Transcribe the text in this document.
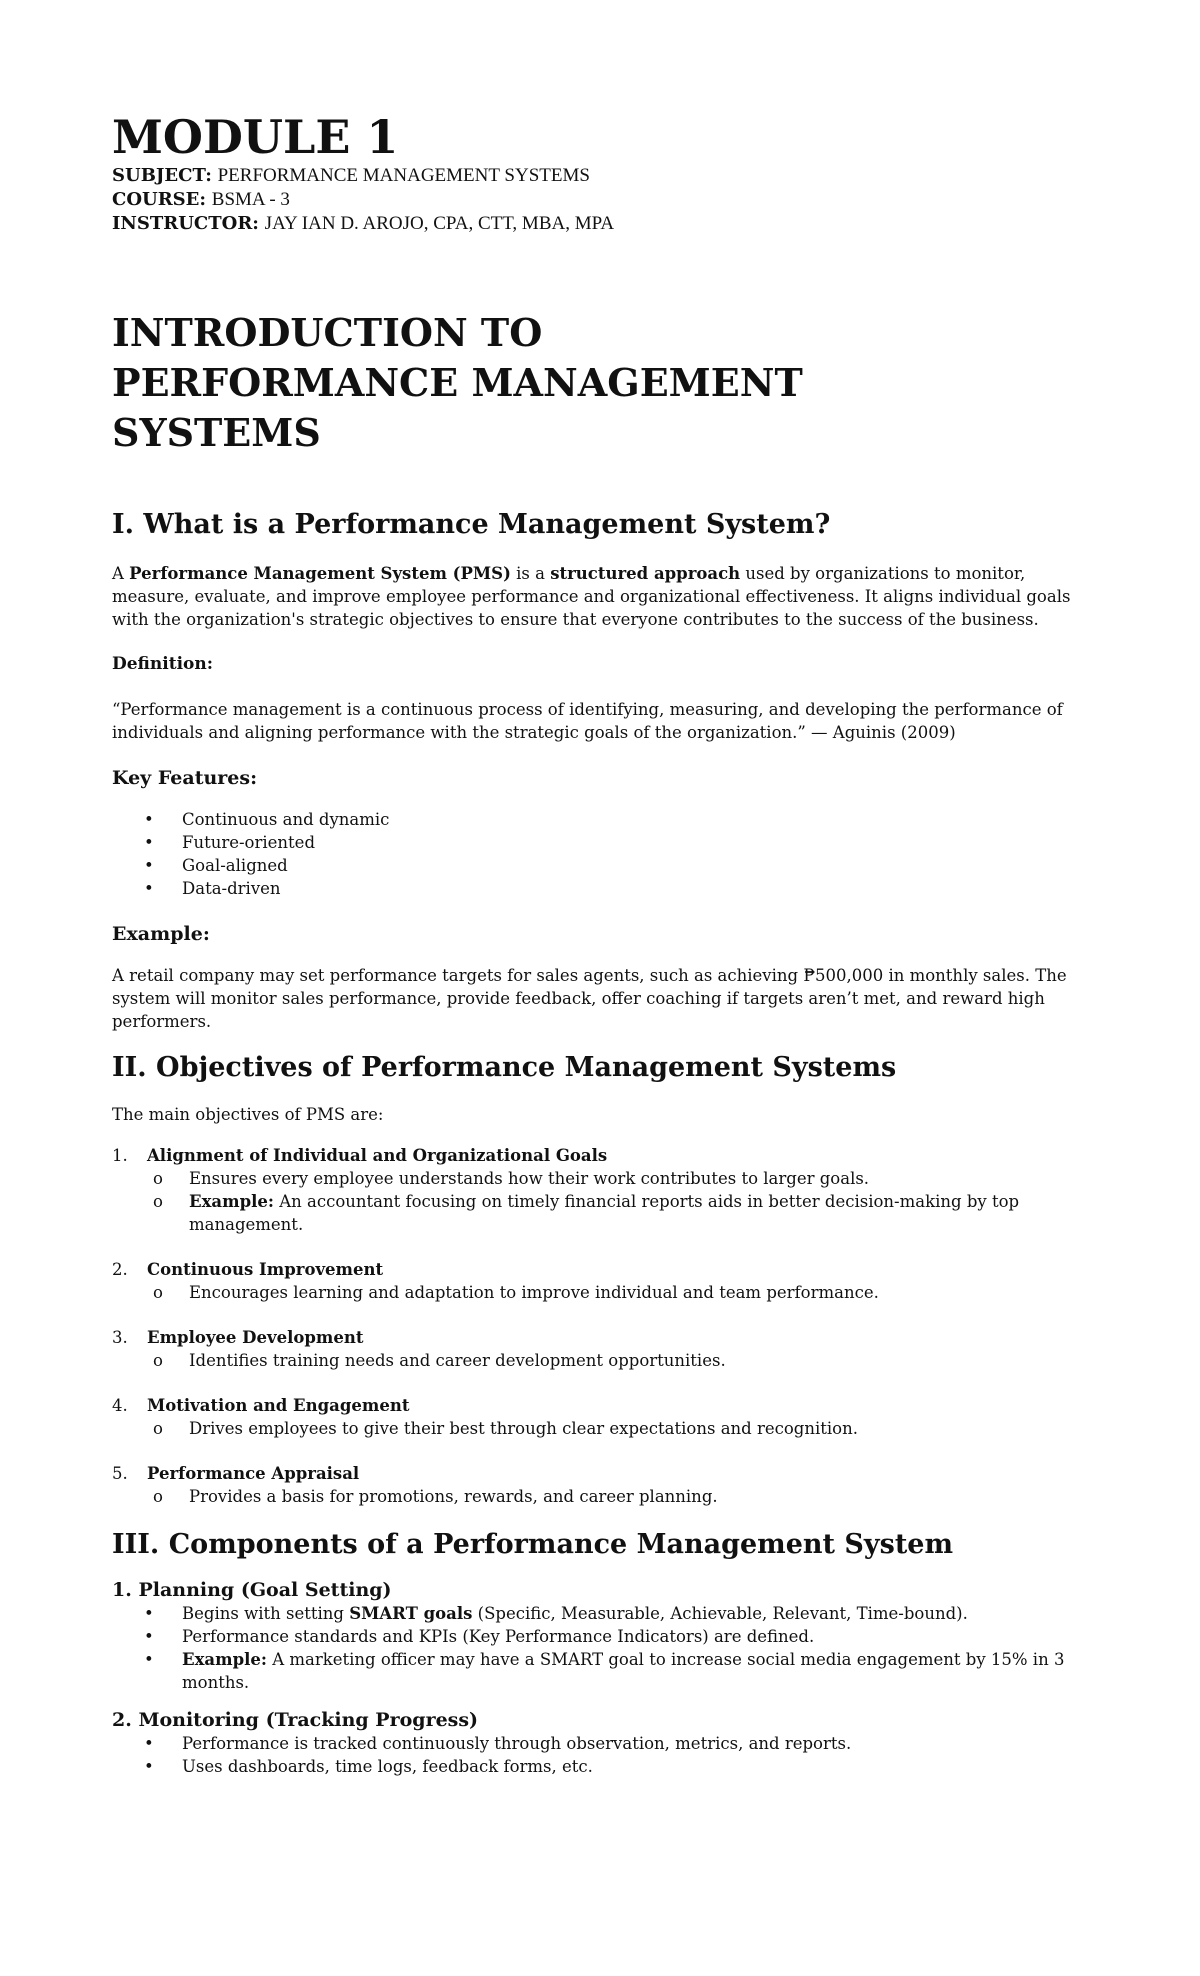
MODULE 1

SUBJECT: PERFORMANCE MANAGEMENT SYSTEMS

COURSE: BSMA - 3

INSTRUCTOR: JAY IAN D. AROJO, CPA, CTT, MBA, MPA

INTRODUCTION TO PERFORMANCE MANAGEMENT SYSTEMS
I. What is a Performance Management System?

A Performance Management System (PMS) is a structured approach used by organizations to monitor, measure, evaluate, and improve employee performance and organizational effectiveness. It aligns individual goals with the organization's strategic objectives to ensure that everyone contributes to the success of the business.

Definition:

“Performance management is a continuous process of identifying, measuring, and developing the performance of individuals and aligning performance with the strategic goals of the organization.” — Aguinis (2009)

Key Features:
• Continuous and dynamic
• Future-oriented
• Goal-aligned
• Data-driven
Example:

A retail company may set performance targets for sales agents, such as achieving ₱500,000 in monthly sales. The system will monitor sales performance, provide feedback, offer coaching if targets aren’t met, and reward high performers.

II. Objectives of Performance Management Systems

The main objectives of PMS are:

1. Alignment of Individual and Organizational Goals
o Ensures every employee understands how their work contributes to larger goals.
o Example: An accountant focusing on timely financial reports aids in better decision-making by top management.
2. Continuous Improvement
o Encourages learning and adaptation to improve individual and team performance.
3. Employee Development
o Identifies training needs and career development opportunities.
4. Motivation and Engagement
o Drives employees to give their best through clear expectations and recognition.
5. Performance Appraisal
o Provides a basis for promotions, rewards, and career planning.
III. Components of a Performance Management System
1. Planning (Goal Setting)
• Begins with setting SMART goals (Specific, Measurable, Achievable, Relevant, Time-bound).
• Performance standards and KPIs (Key Performance Indicators) are defined.
• Example: A marketing officer may have a SMART goal to increase social media engagement by 15% in 3 months.
2. Monitoring (Tracking Progress)
• Performance is tracked continuously through observation, metrics, and reports.
• Uses dashboards, time logs, feedback forms, etc.
